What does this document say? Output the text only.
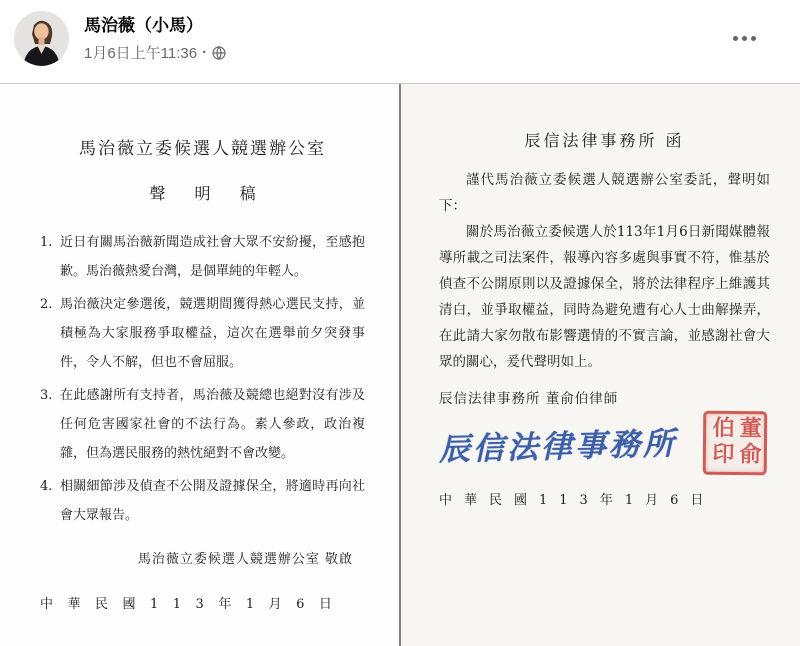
馬治薇（小馬）
1月6日上午11:36 ·
馬治薇立委候選人競選辦公室
聲 明 稿
1. 近日有關馬治薇新聞造成社會大眾不安紛擾，至感抱歉。馬治薇熱愛台灣，是個單純的年輕人。
2. 馬治薇決定參選後，競選期間獲得熱心選民支持，並積極為大家服務爭取權益，這次在選舉前夕突發事件，令人不解，但也不會屈服。
3. 在此感謝所有支持者，馬治薇及競總也絕對沒有涉及任何危害國家社會的不法行為。素人參政，政治複雜，但為選民服務的熱忱絕對不會改變。
4. 相關細節涉及偵查不公開及證據保全，將適時再向社會大眾報告。
馬治薇立委候選人競選辦公室 敬啟
中華民國113年1月6日
辰信法律事務所 函

謹代馬治薇立委候選人競選辦公室委託，聲明如下：

關於馬治薇立委候選人於113年1月6日新聞媒體報導所載之司法案件，報導內容多處與事實不符，惟基於偵查不公開原則以及證據保全，將於法律程序上維護其清白，並爭取權益，同時為避免遭有心人士曲解操弄，在此請大家勿散布影響選情的不實言論，並感謝社會大眾的關心，爰代聲明如上。

辰信法律事務所 董俞伯律師
辰信法律事務所	董俞伯印
中華民國113年1月6日
